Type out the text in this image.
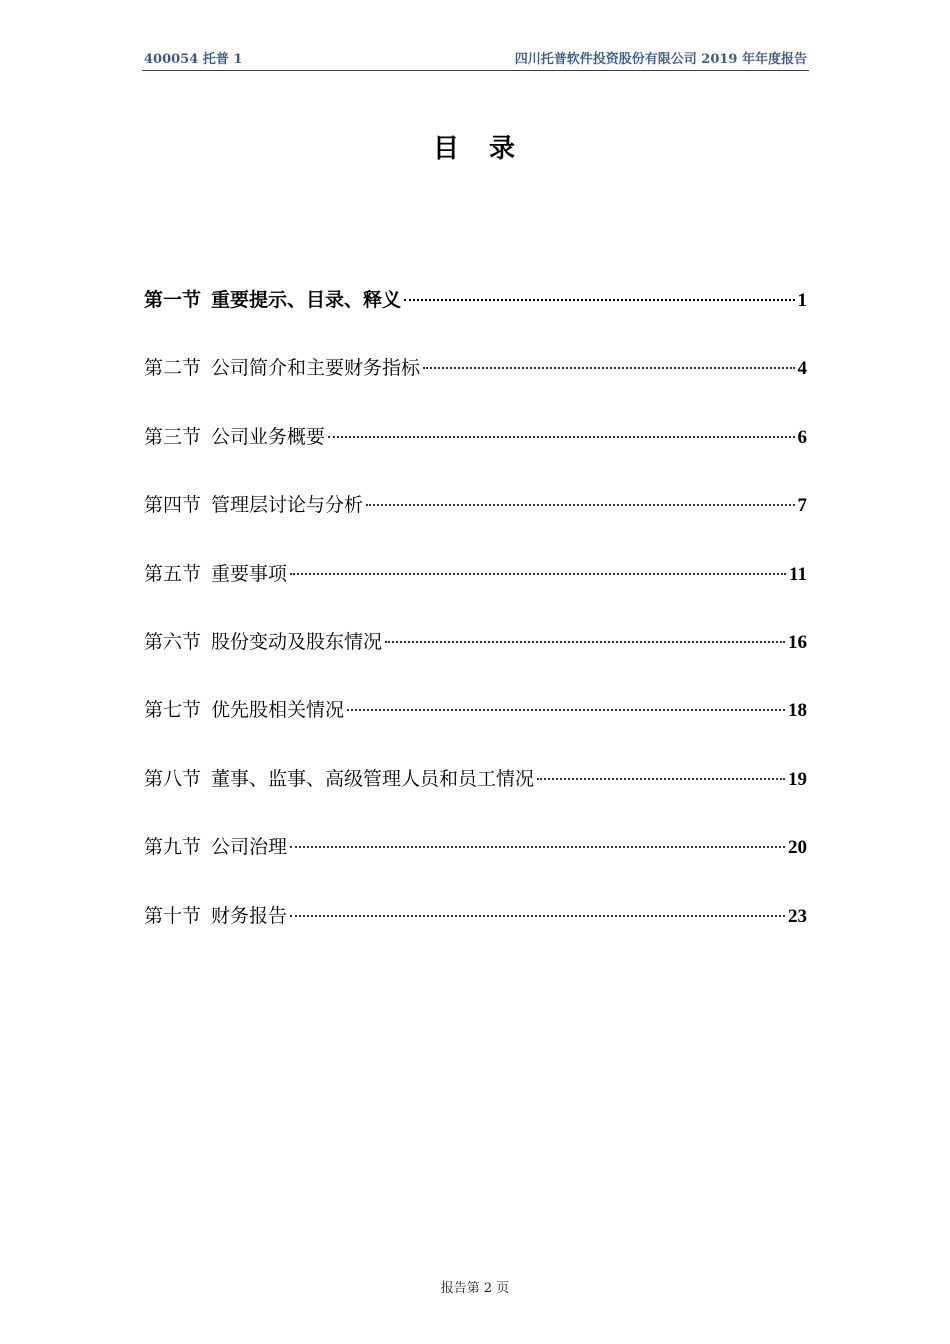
400054 托普 1	四川托普软件投资股份有限公司 2019 年年度报告
目　录
第一节 重要提示、目录、释义	1
第二节 公司简介和主要财务指标	4
第三节 公司业务概要	6
第四节 管理层讨论与分析	7
第五节 重要事项	11
第六节 股份变动及股东情况	16
第七节 优先股相关情况	18
第八节 董事、监事、高级管理人员和员工情况	19
第九节 公司治理	20
第十节 财务报告	23
报告第 2 页
